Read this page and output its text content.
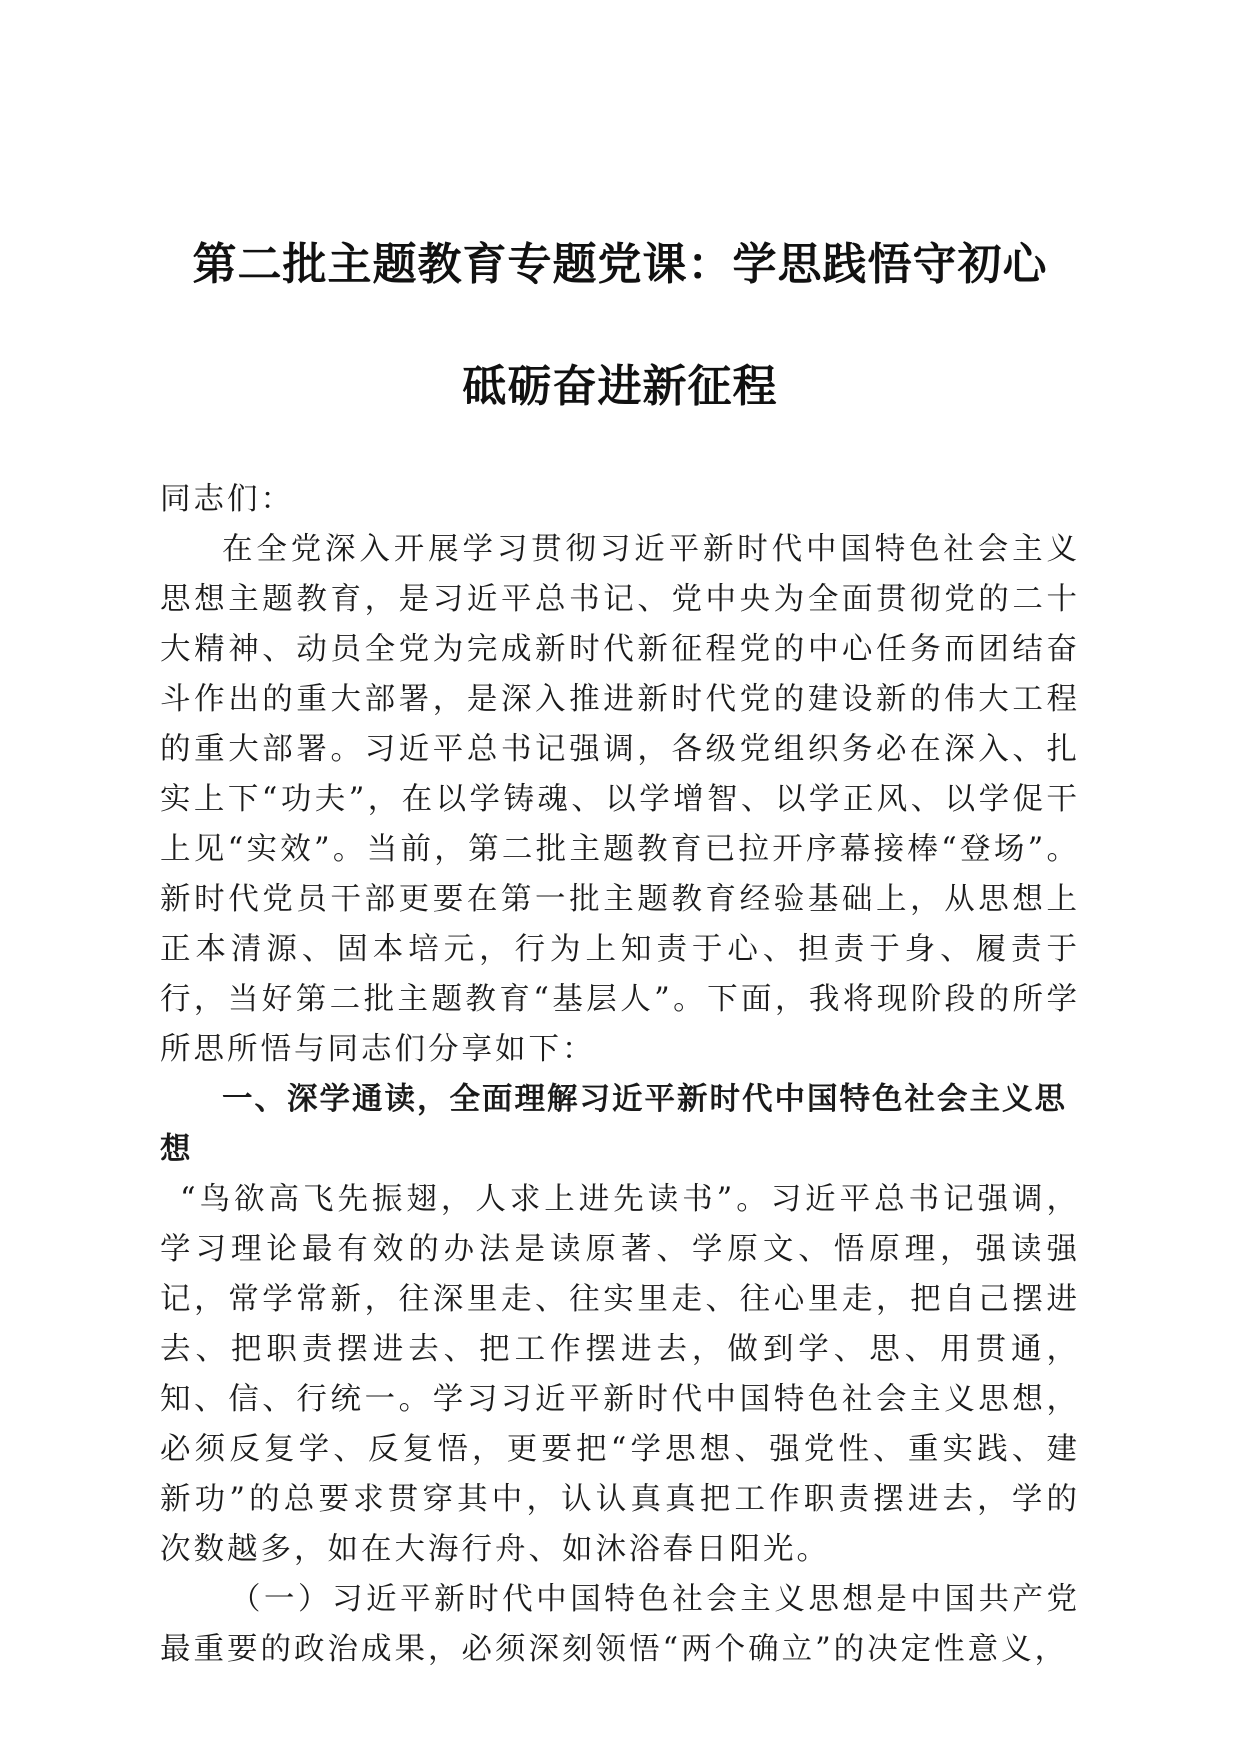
第二批主题教育专题党课：学思践悟守初心
砥砺奋进新征程

同志们：

在全党深入开展学习贯彻习近平新时代中国特色社会主义思想主题教育，是习近平总书记、党中央为全面贯彻党的二十大精神、动员全党为完成新时代新征程党的中心任务而团结奋斗作出的重大部署，是深入推进新时代党的建设新的伟大工程的重大部署。习近平总书记强调，各级党组织务必在深入、扎实上下“功夫”，在以学铸魂、以学增智、以学正风、以学促干上见“实效”。当前，第二批主题教育已拉开序幕接棒“登场”。新时代党员干部更要在第一批主题教育经验基础上，从思想上正本清源、固本培元，行为上知责于心、担责于身、履责于行，当好第二批主题教育“基层人”。下面，我将现阶段的所学所思所悟与同志们分享如下：

一、深学通读，全面理解习近平新时代中国特色社会主义思想

“鸟欲高飞先振翅，人求上进先读书”。习近平总书记强调，学习理论最有效的办法是读原著、学原文、悟原理，强读强记，常学常新，往深里走、往实里走、往心里走，把自己摆进去、把职责摆进去、把工作摆进去，做到学、思、用贯通，知、信、行统一。学习习近平新时代中国特色社会主义思想，必须反复学、反复悟，更要把“学思想、强党性、重实践、建新功”的总要求贯穿其中，认认真真把工作职责摆进去，学的次数越多，如在大海行舟、如沐浴春日阳光。

（一）习近平新时代中国特色社会主义思想是中国共产党最重要的政治成果，必须深刻领悟“两个确立”的决定性意义，
